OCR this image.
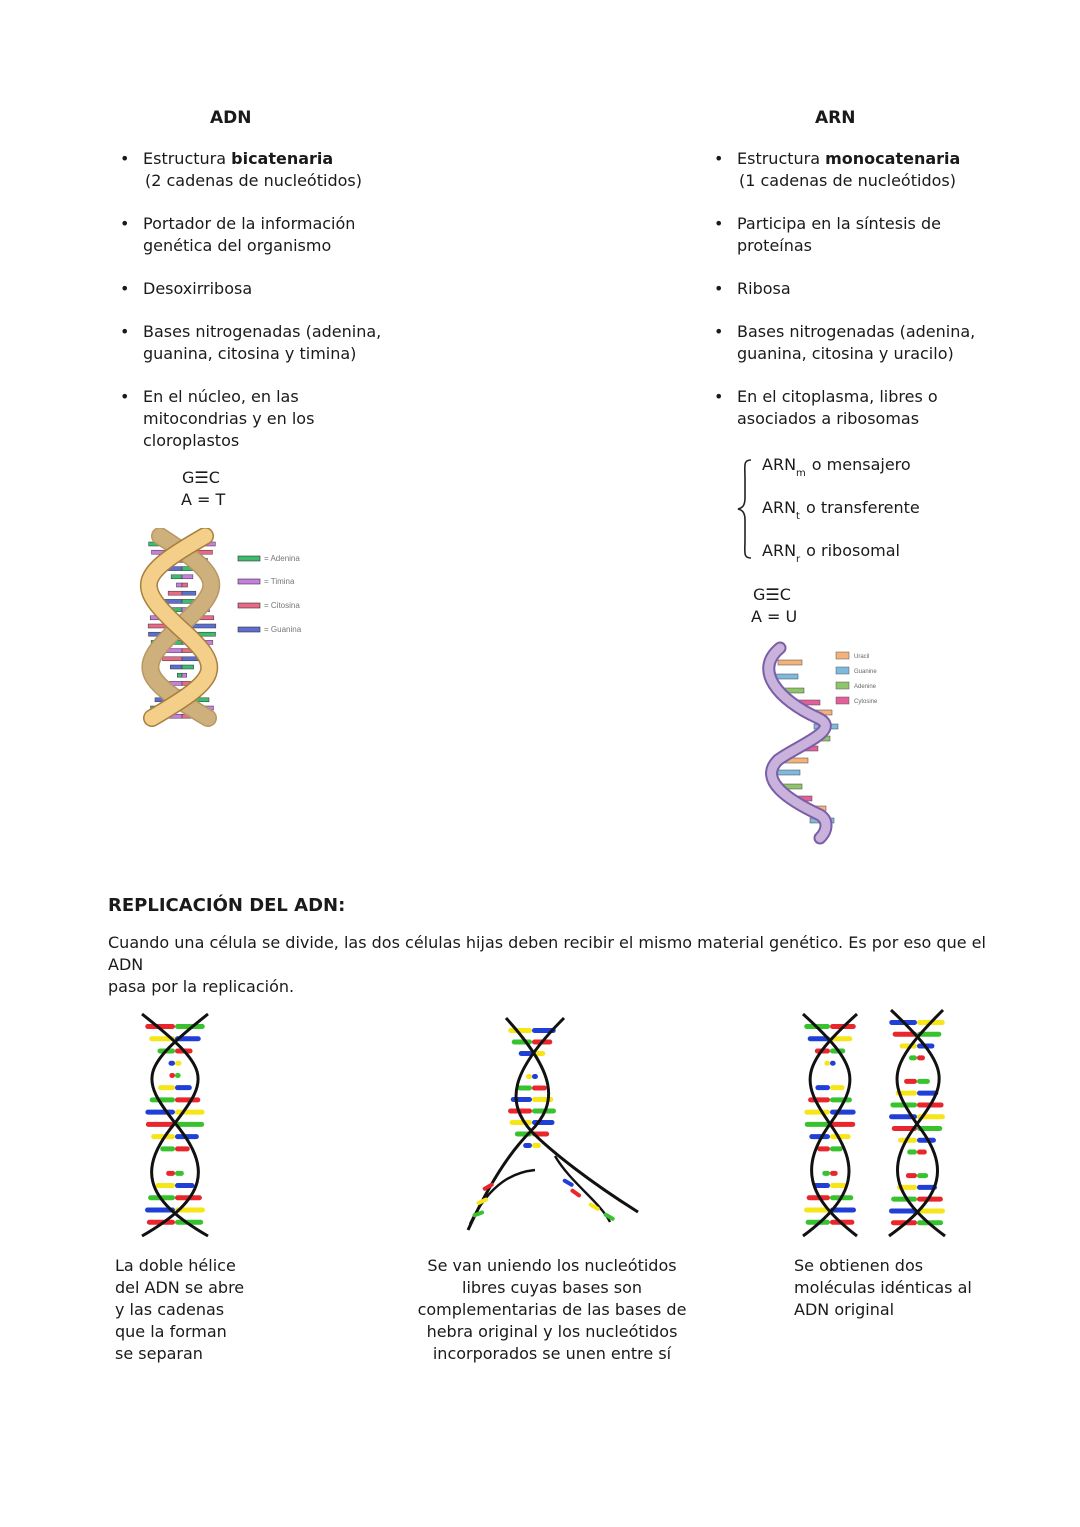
ADN
• Estructura bicatenaria
(2 cadenas de nucleótidos)
• Portador de la información
genética del organismo
• Desoxirribosa
• Bases nitrogenadas (adenina,
guanina, citosina y timina)
• En el núcleo, en las
mitocondrias y en los
cloroplastos
G☰C
A = T
= Adenina
= Timina
= Citosina
= Guanina
ARN
• Estructura monocatenaria
(1 cadenas de nucleótidos)
• Participa en la síntesis de
proteínas
• Ribosa
• Bases nitrogenadas (adenina,
guanina, citosina y uracilo)
• En el citoplasma, libres o
asociados a ribosomas
$ARN_m$ o mensajero
$ARN_t$ o transferente
$ARN_r$ o ribosomal
G☰C
A = U
Uracil
Guanine
Adenine
Cytosine
REPLICACIÓN DEL ADN:
Cuando una célula se divide, las dos células hijas deben recibir el mismo material genético. Es por eso que el ADN
pasa por la replicación.
La doble hélice
del ADN se abre
y las cadenas
que la forman
se separan
Se van uniendo los nucleótidos
libres cuyas bases son
complementarias de las bases de
hebra original y los nucleótidos
incorporados se unen entre sí
Se obtienen dos
moléculas idénticas al
ADN original
